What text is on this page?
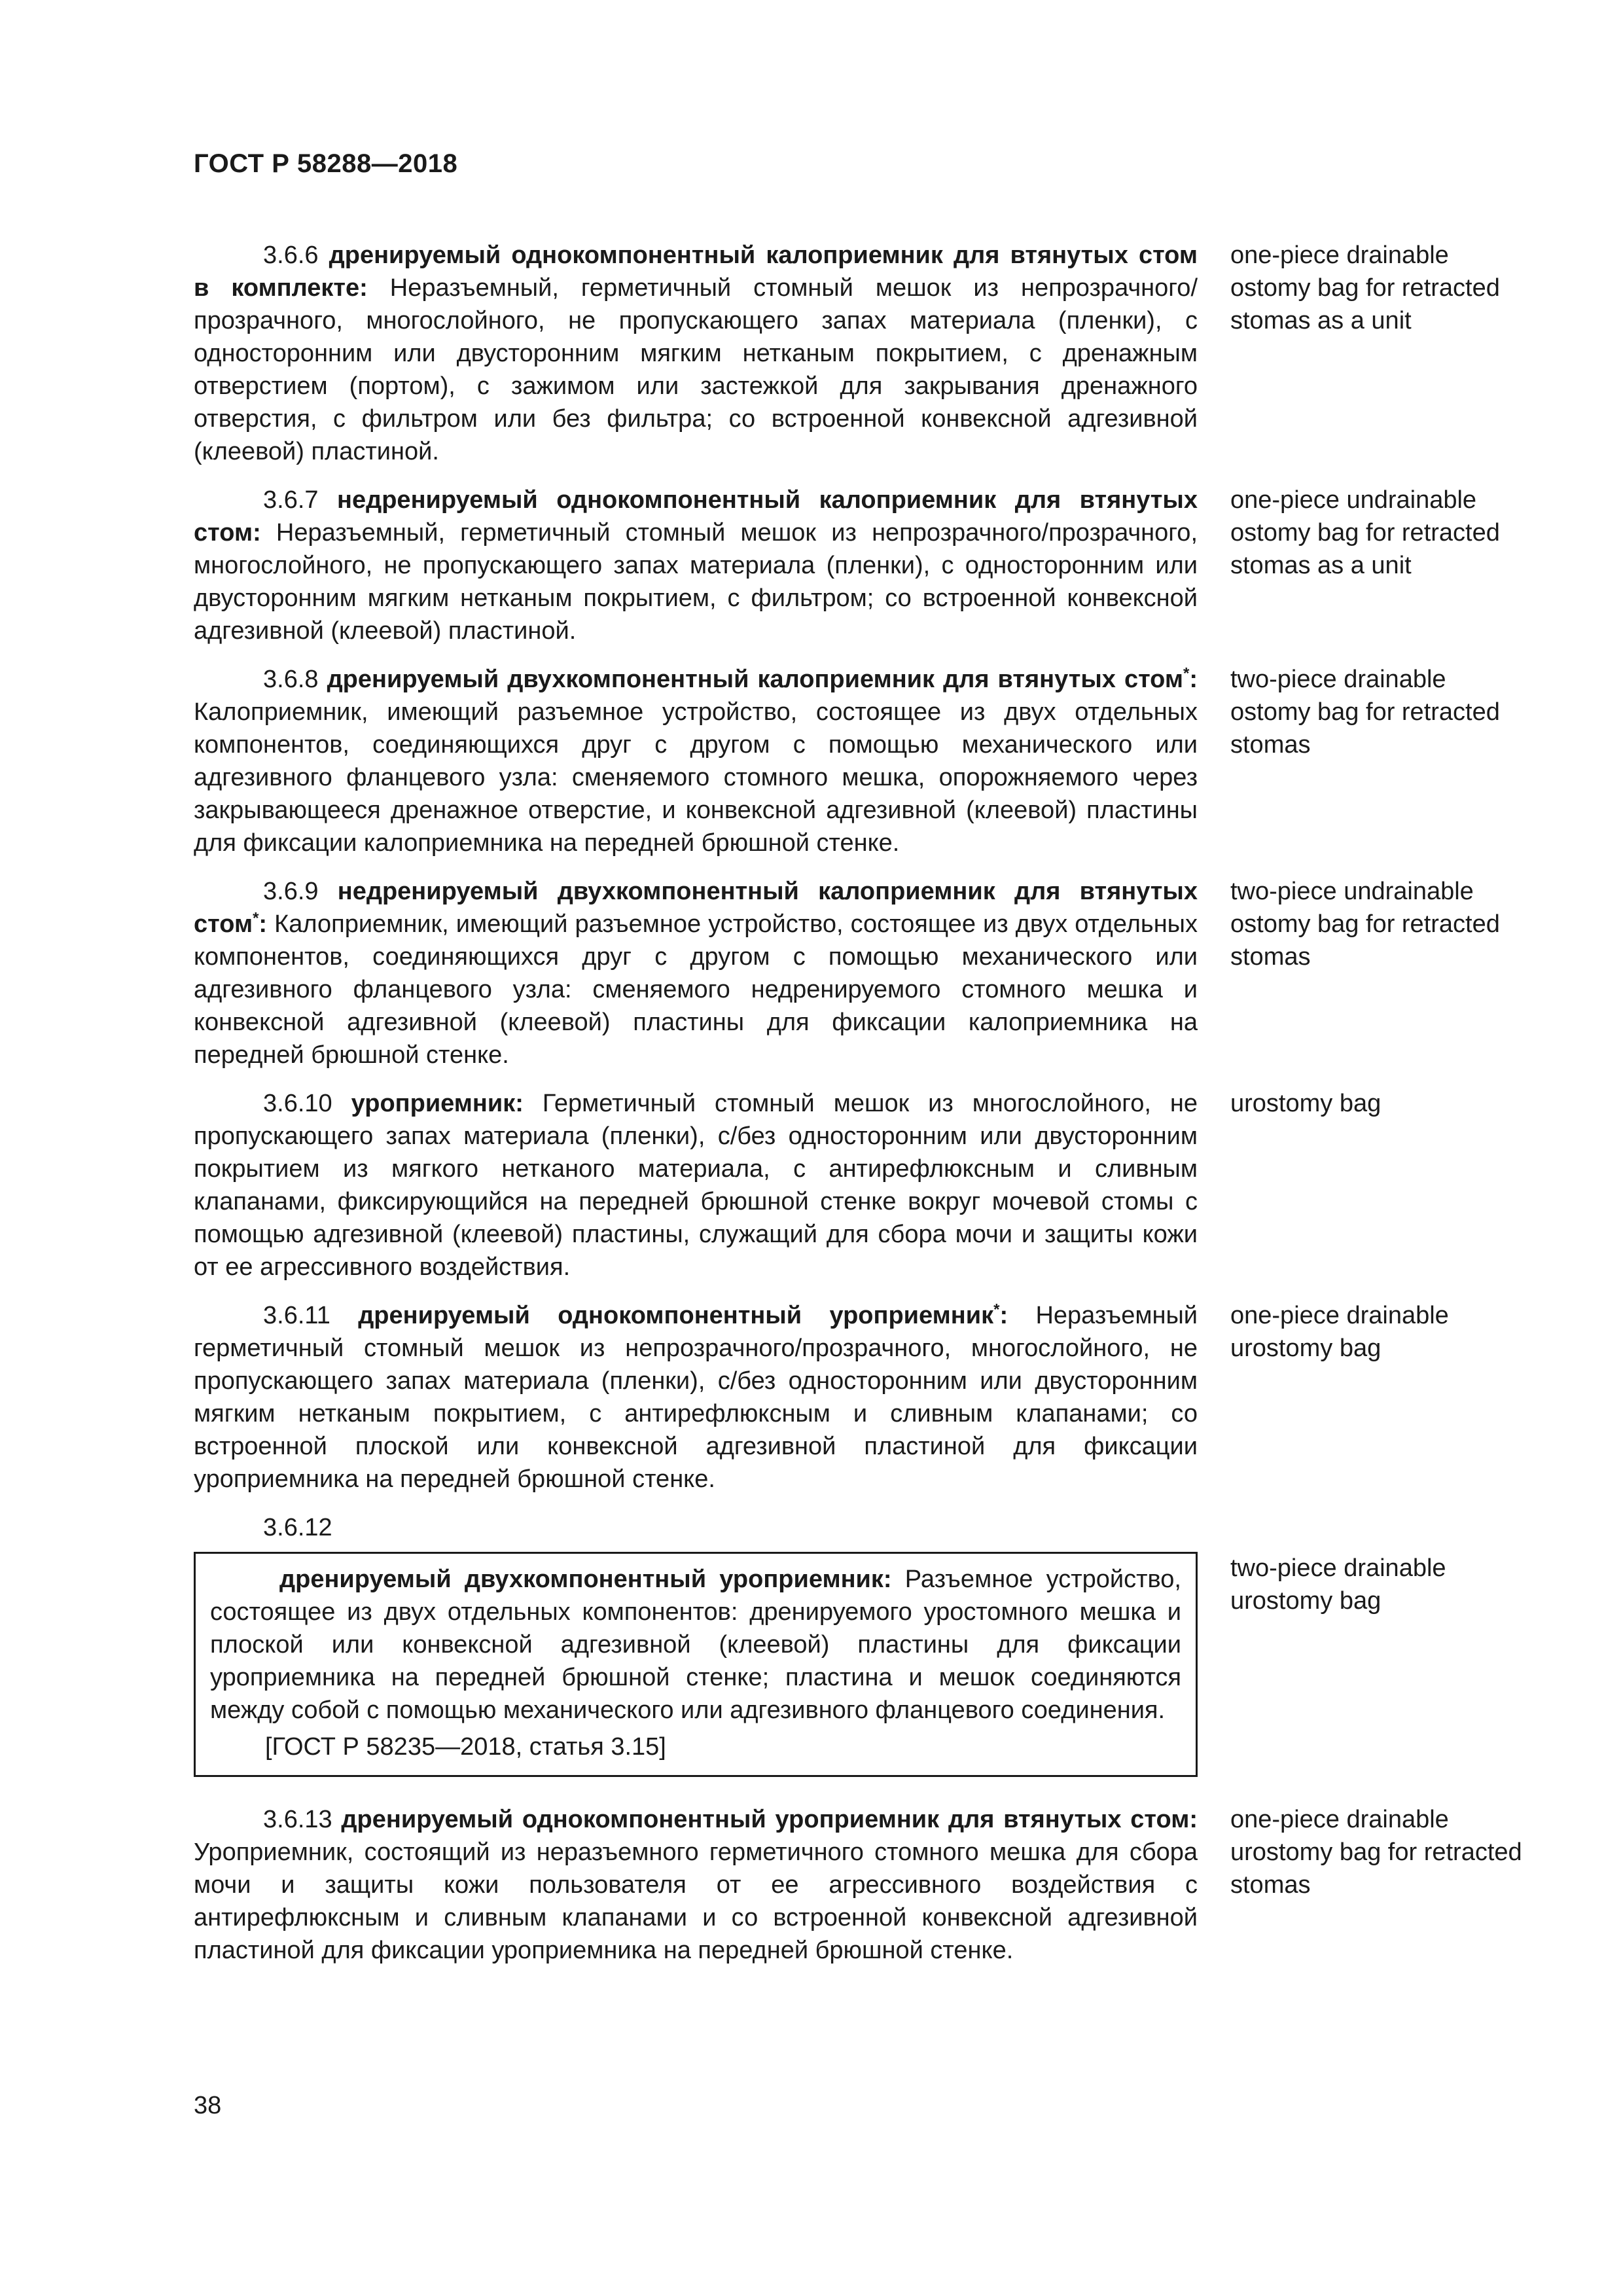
ГОСТ Р 58288—2018
3.6.6 дренируемый однокомпонентный калоприемник для втянутых стом в комплекте: Неразъемный, герметичный стомный мешок из непрозрачного/прозрачного, многослойного, не пропускающего запах материала (пленки), с односторонним или двусторонним мягким нетканым покрытием, с дренажным отверстием (портом), с зажимом или застежкой для закрывания дренажного отверстия, с фильтром или без фильтра; со встроенной конвексной адгезивной (клеевой) пластиной.
one-piece drainable ostomy bag for retracted stomas as a unit
3.6.7 недренируемый однокомпонентный калоприемник для втянутых стом: Неразъемный, герметичный стомный мешок из непрозрачного/прозрачного, многослойного, не пропускающего запах материала (пленки), с односторонним или двусторонним мягким нетканым покрытием, с фильтром; со встроенной конвексной адгезивной (клеевой) пластиной.
one-piece undrainable ostomy bag for retracted stomas as a unit
3.6.8 дренируемый двухкомпонентный калоприемник для втянутых стом*: Калоприемник, имеющий разъемное устройство, состоящее из двух отдельных компонентов, соединяющихся друг с другом с помощью механического или адгезивного фланцевого узла: сменяемого стомного мешка, опорожняемого через закрывающееся дренажное отверстие, и конвексной адгезивной (клеевой) пластины для фиксации калоприемника на передней брюшной стенке.
two-piece drainable ostomy bag for retracted stomas
3.6.9 недренируемый двухкомпонентный калоприемник для втянутых стом*: Калоприемник, имеющий разъемное устройство, состоящее из двух отдельных компонентов, соединяющихся друг с другом с помощью механического или адгезивного фланцевого узла: сменяемого недренируемого стомного мешка и конвексной адгезивной (клеевой) пластины для фиксации калоприемника на передней брюшной стенке.
two-piece undrainable ostomy bag for retracted stomas
3.6.10 уроприемник: Герметичный стомный мешок из многослойного, не пропускающего запах материала (пленки), с/без односторонним или двусторонним покрытием из мягкого нетканого материала, с антирефлюксным и сливным клапанами, фиксирующийся на передней брюшной стенке вокруг мочевой стомы с помощью адгезивной (клеевой) пластины, служащий для сбора мочи и защиты кожи от ее агрессивного воздействия.
urostomy bag
3.6.11 дренируемый однокомпонентный уроприемник*: Неразъемный герметичный стомный мешок из непрозрачного/прозрачного, многослойного, не пропускающего запах материала (пленки), с/без односторонним или двусторонним мягким нетканым покрытием, с антирефлюксным и сливным клапанами; со встроенной плоской или конвексной адгезивной пластиной для фиксации уроприемника на передней брюшной стенке.
one-piece drainable urostomy bag
3.6.12
дренируемый двухкомпонентный уроприемник: Разъемное устройство, состоящее из двух отдельных компонентов: дренируемого уростомного мешка и плоской или конвексной адгезивной (клеевой) пластины для фиксации уроприемника на передней брюшной стенке; пластина и мешок соединяются между собой с помощью механического или адгезивного фланцевого соединения.
[ГОСТ Р 58235—2018, статья 3.15]
two-piece drainable urostomy bag
3.6.13 дренируемый однокомпонентный уроприемник для втянутых стом: Уроприемник, состоящий из неразъемного герметичного стомного мешка для сбора мочи и защиты кожи пользователя от ее агрессивного воздействия с антирефлюксным и сливным клапанами и со встроенной конвексной адгезивной пластиной для фиксации уроприемника на передней брюшной стенке.
one-piece drainable urostomy bag for retracted stomas
38
